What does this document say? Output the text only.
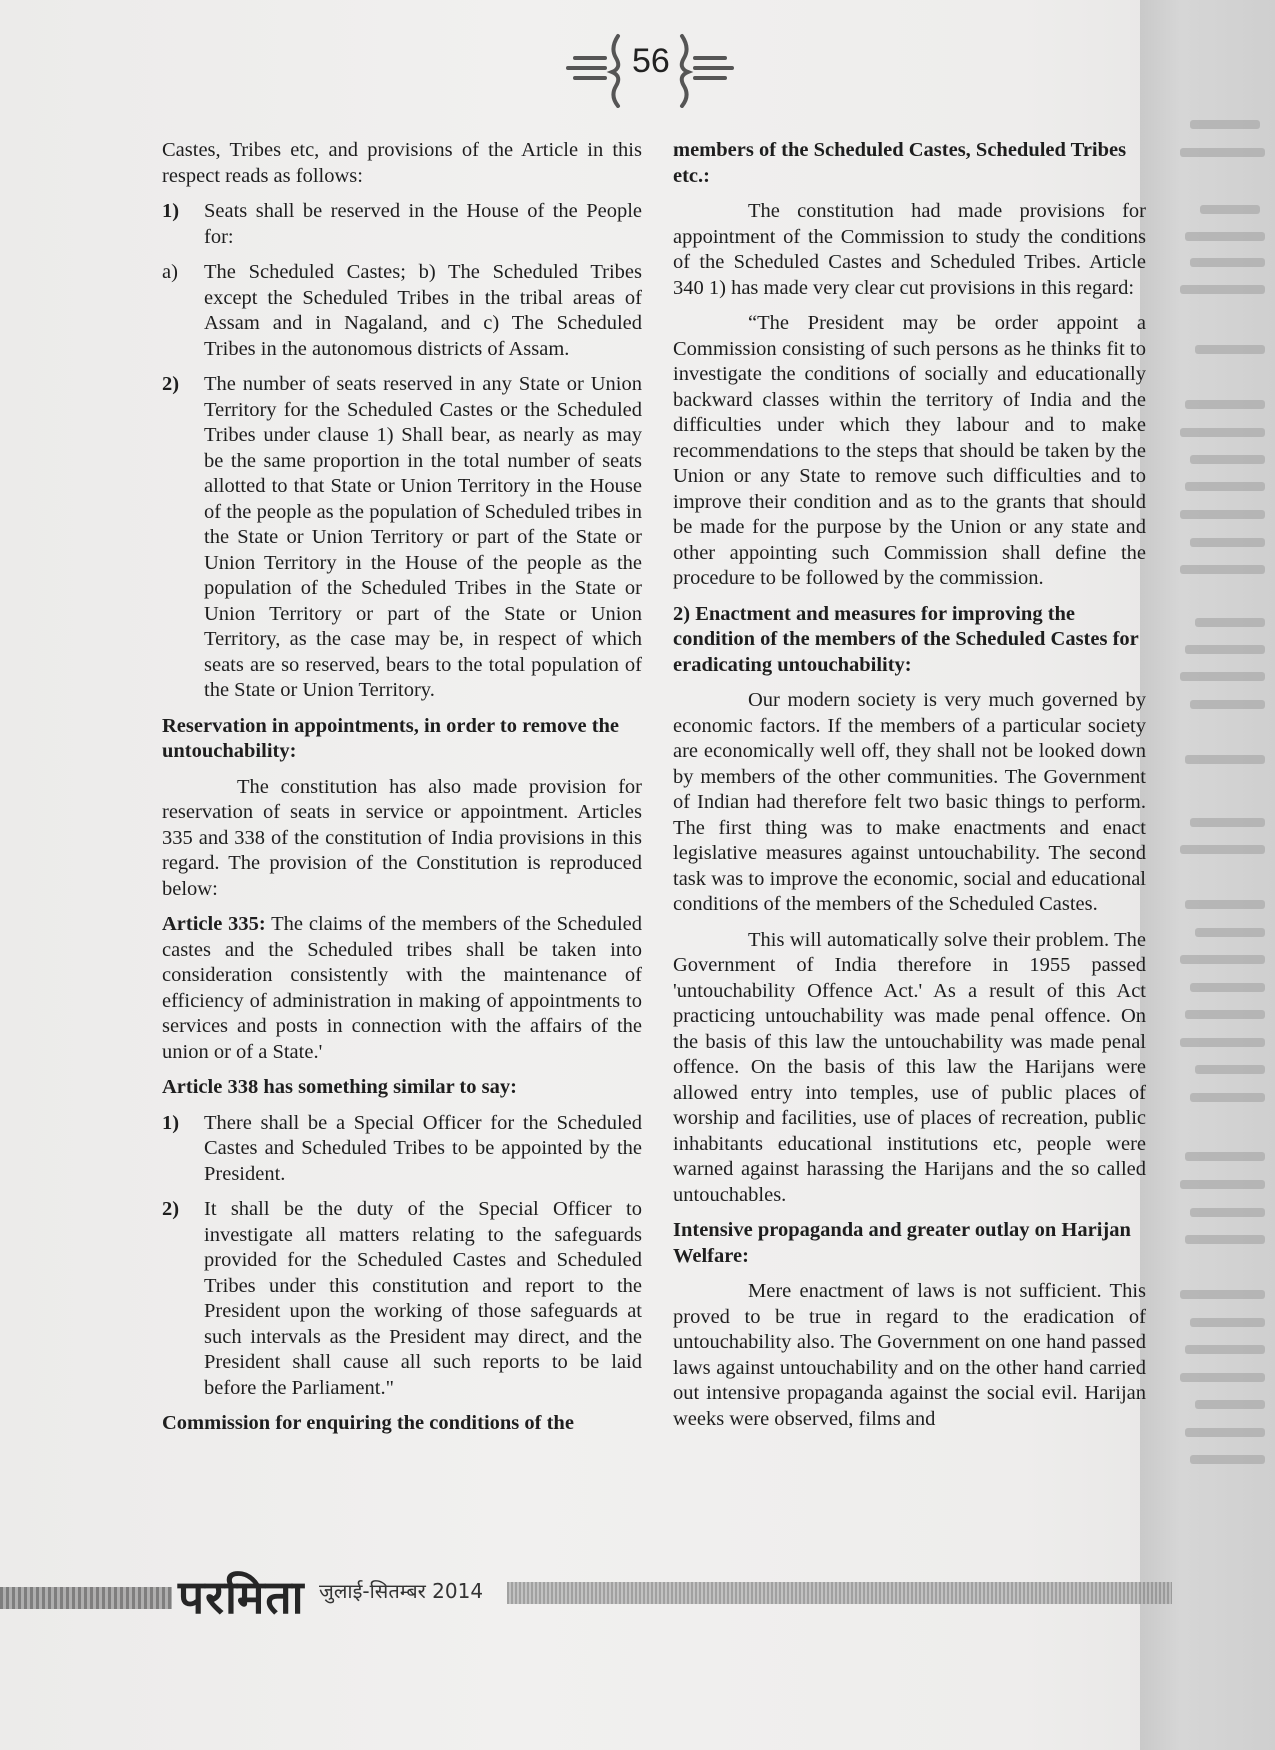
56

Castes, Tribes etc, and provisions of the Article in this respect reads as follows:

1)	Seats shall be reserved in the House of the People for:
a)	The Scheduled Castes; b) The Scheduled Tribes except the Scheduled Tribes in the tribal areas of Assam and in Nagaland, and c) The Scheduled Tribes in the autonomous districts of Assam.
2)	The number of seats reserved in any State or Union Territory for the Scheduled Castes or the Scheduled Tribes under clause 1) Shall bear, as nearly as may be the same proportion in the total number of seats allotted to that State or Union Territory in the House of the people as the population of Scheduled tribes in the State or Union Territory or part of the State or Union Territory in the House of the people as the population of the Scheduled Tribes in the State or Union Territory or part of the State or Union Territory, as the case may be, in respect of which seats are so reserved, bears to the total population of the State or Union Territory.
Reservation in appointments, in order to remove the untouchability:

The constitution has also made provision for reservation of seats in service or appointment. Articles 335 and 338 of the constitution of India provisions in this regard. The provision of the Constitution is reproduced below:

Article 335: The claims of the members of the Scheduled castes and the Scheduled tribes shall be taken into consideration consistently with the maintenance of efficiency of administration in making of appointments to services and posts in connection with the affairs of the union or of a State.'

Article 338 has something similar to say:
1)	There shall be a Special Officer for the Scheduled Castes and Scheduled Tribes to be appointed by the President.
2)	It shall be the duty of the Special Officer to investigate all matters relating to the safeguards provided for the Scheduled Castes and Scheduled Tribes under this constitution and report to the President upon the working of those safeguards at such intervals as the President may direct, and the President shall cause all such reports to be laid before the Parliament."
Commission for enquiring the conditions of the
members of the Scheduled Castes, Scheduled Tribes etc.:

The constitution had made provisions for appointment of the Commission to study the conditions of the Scheduled Castes and Scheduled Tribes. Article 340 1) has made very clear cut provisions in this regard:

“The President may be order appoint a Commission consisting of such persons as he thinks fit to investigate the conditions of socially and educationally backward classes within the territory of India and the difficulties under which they labour and to make recommendations to the steps that should be taken by the Union or any State to remove such difficulties and to improve their condition and as to the grants that should be made for the purpose by the Union or any state and other appointing such Commission shall define the procedure to be followed by the commission.

2) Enactment and measures for improving the condition of the members of the Scheduled Castes for eradicating untouchability:

Our modern society is very much governed by economic factors. If the members of a particular society are economically well off, they shall not be looked down by members of the other communities. The Government of Indian had therefore felt two basic things to perform. The first thing was to make enactments and enact legislative measures against untouchability. The second task was to improve the economic, social and educational conditions of the members of the Scheduled Castes.

This will automatically solve their problem. The Government of India therefore in 1955 passed 'untouchability Offence Act.' As a result of this Act practicing untouchability was made penal offence. On the basis of this law the untouchability was made penal offence. On the basis of this law the Harijans were allowed entry into temples, use of public places of worship and facilities, use of places of recreation, public inhabitants educational institutions etc, people were warned against harassing the Harijans and the so called untouchables.

Intensive propaganda and greater outlay on Harijan Welfare:

Mere enactment of laws is not sufficient. This proved to be true in regard to the eradication of untouchability also. The Government on one hand passed laws against untouchability and on the other hand carried out intensive propaganda against the social evil. Harijan weeks were observed, films and

परमिता जुलाई-सितम्बर 2014
